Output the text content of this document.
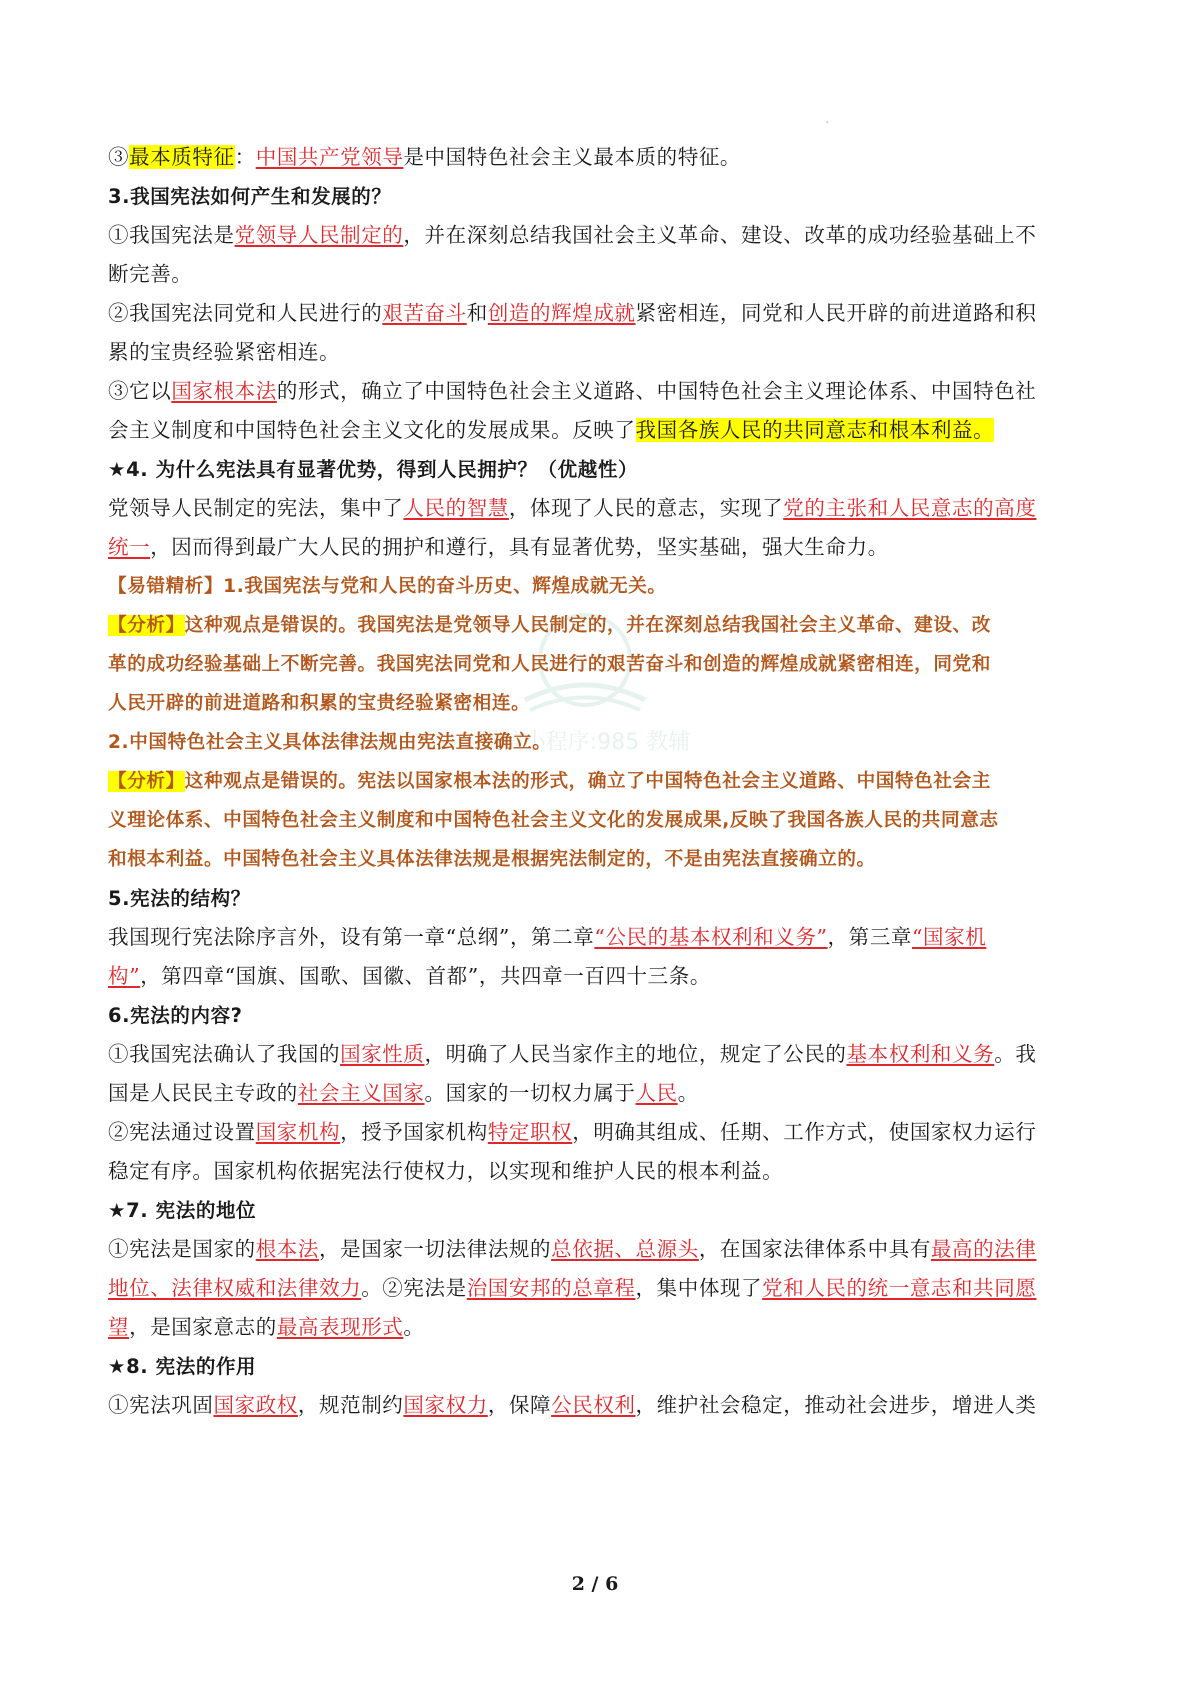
'
微信小程序:985 教辅
③最本质特征：中国共产党领导是中国特色社会主义最本质的特征。
3.我国宪法如何产生和发展的？
①我国宪法是党领导人民制定的，并在深刻总结我国社会主义革命、建设、改革的成功经验基础上不
断完善。
②我国宪法同党和人民进行的艰苦奋斗和创造的辉煌成就紧密相连，同党和人民开辟的前进道路和积
累的宝贵经验紧密相连。
③它以国家根本法的形式，确立了中国特色社会主义道路、中国特色社会主义理论体系、中国特色社
会主义制度和中国特色社会主义文化的发展成果。反映了我国各族人民的共同意志和根本利益。
★4. 为什么宪法具有显著优势，得到人民拥护？（优越性）
党领导人民制定的宪法，集中了人民的智慧，体现了人民的意志，实现了党的主张和人民意志的高度
统一，因而得到最广大人民的拥护和遵行，具有显著优势，坚实基础，强大生命力。
【易错精析】1.我国宪法与党和人民的奋斗历史、辉煌成就无关。
【分析】这种观点是错误的。我国宪法是党领导人民制定的，并在深刻总结我国社会主义革命、建设、改
革的成功经验基础上不断完善。我国宪法同党和人民进行的艰苦奋斗和创造的辉煌成就紧密相连，同党和
人民开辟的前进道路和积累的宝贵经验紧密相连。
2.中国特色社会主义具体法律法规由宪法直接确立。
【分析】这种观点是错误的。宪法以国家根本法的形式，确立了中国特色社会主义道路、中国特色社会主
义理论体系、中国特色社会主义制度和中国特色社会主义文化的发展成果,反映了我国各族人民的共同意志
和根本利益。中国特色社会主义具体法律法规是根据宪法制定的，不是由宪法直接确立的。
5.宪法的结构？
我国现行宪法除序言外，设有第一章“总纲”，第二章“公民的基本权利和义务”，第三章“国家机
构”，第四章“国旗、国歌、国徽、首都”，共四章一百四十三条。
6.宪法的内容?
①我国宪法确认了我国的国家性质，明确了人民当家作主的地位，规定了公民的基本权利和义务。我
国是人民民主专政的社会主义国家。国家的一切权力属于人民。
②宪法通过设置国家机构，授予国家机构特定职权，明确其组成、任期、工作方式，使国家权力运行
稳定有序。国家机构依据宪法行使权力，以实现和维护人民的根本利益。
★7. 宪法的地位
①宪法是国家的根本法，是国家一切法律法规的总依据、总源头，在国家法律体系中具有最高的法律
地位、法律权威和法律效力。②宪法是治国安邦的总章程，集中体现了党和人民的统一意志和共同愿
望，是国家意志的最高表现形式。
★8. 宪法的作用
①宪法巩固国家政权，规范制约国家权力，保障公民权利，维护社会稳定，推动社会进步，增进人类
2 / 6
